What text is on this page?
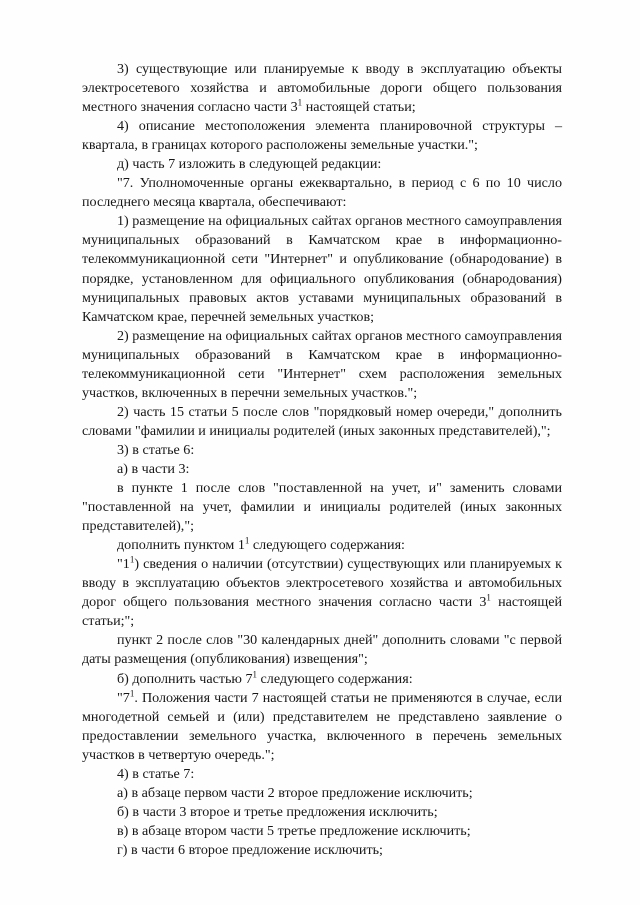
3) существующие или планируемые к вводу в эксплуатацию объекты электросетевого хозяйства и автомобильные дороги общего пользования местного значения согласно части $3^1$ настоящей статьи;

4) описание местоположения элемента планировочной структуры – квартала, в границах которого расположены земельные участки.";

д) часть 7 изложить в следующей редакции:

"7. Уполномоченные органы ежеквартально, в период с 6 по 10 число последнего месяца квартала, обеспечивают:

1) размещение на официальных сайтах органов местного самоуправления муниципальных образований в Камчатском крае в информационно-телекоммуникационной сети "Интернет" и опубликование (обнародование) в порядке, установленном для официального опубликования (обнародования) муниципальных правовых актов уставами муниципальных образований в Камчатском крае, перечней земельных участков;

2) размещение на официальных сайтах органов местного самоуправления муниципальных образований в Камчатском крае в информационно-телекоммуникационной сети "Интернет" схем расположения земельных участков, включенных в перечни земельных участков.";

2) часть 15 статьи 5 после слов "порядковый номер очереди," дополнить словами "фамилии и инициалы родителей (иных законных представителей),";

3) в статье 6:

а) в части 3:

в пункте 1 после слов "поставленной на учет, и" заменить словами "поставленной на учет, фамилии и инициалы родителей (иных законных представителей),";

дополнить пунктом $1^1$ следующего содержания:

"$1^1$) сведения о наличии (отсутствии) существующих или планируемых к вводу в эксплуатацию объектов электросетевого хозяйства и автомобильных дорог общего пользования местного значения согласно части $3^1$ настоящей статьи;";

пункт 2 после слов "30 календарных дней" дополнить словами "с первой даты размещения (опубликования) извещения";

б) дополнить частью $7^1$ следующего содержания:

"$7^1$. Положения части 7 настоящей статьи не применяются в случае, если многодетной семьей и (или) представителем не представлено заявление о предоставлении земельного участка, включенного в перечень земельных участков в четвертую очередь.";

4) в статье 7:

а) в абзаце первом части 2 второе предложение исключить;

б) в части 3 второе и третье предложения исключить;

в) в абзаце втором части 5 третье предложение исключить;

г) в части 6 второе предложение исключить;
